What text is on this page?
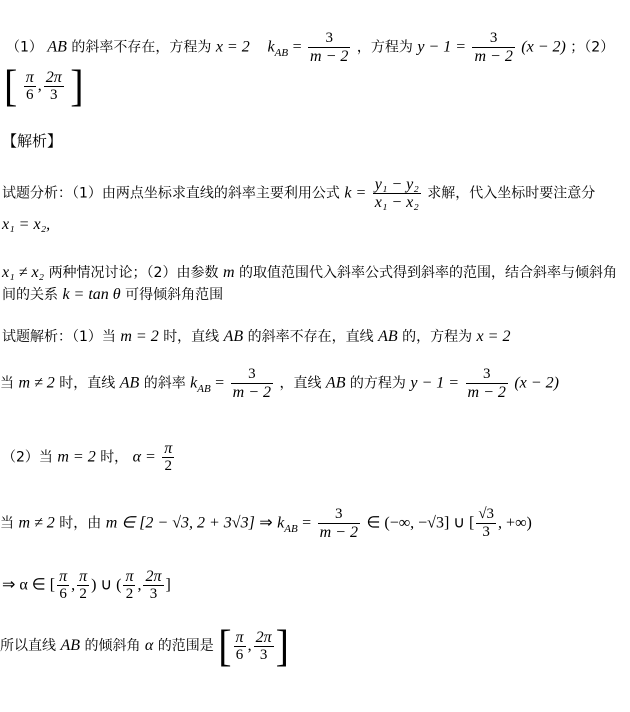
（1） AB 的斜率不存在，方程为 x = 2 $k_{AB} = \frac{3}{m - 2}$ ，方程为 $y - 1 = \frac{3}{m - 2} (x - 2)$ ；（2）
[ $\frac{\pi}{6}$ , $\frac{2\pi}{3}$ ]
【解析】
试题分析：（1）由两点坐标求直线的斜率主要利用公式 $k = \frac{\text{y₁ − y₂}}{\text{x₁ − x₂}}$ 求解，代入坐标时要注意分
x₁ = x₂,
x₁ ≠ x₂ 两种情况讨论；（2）由参数 m 的取值范围代入斜率公式得到斜率的范围，结合斜率与倾斜角
间的关系 k = tan θ 可得倾斜角范围
试题解析：（1）当 m = 2 时，直线 AB 的斜率不存在，直线 AB 的，方程为 x = 2
当 m ≠ 2 时，直线 AB 的斜率 $k_{AB} = \frac{3}{m - 2}$ ，直线 AB 的方程为 $y - 1 = \frac{3}{m - 2} (x - 2)$
（2）当 m = 2 时， $\alpha = \frac{\pi}{2}$
当 m ≠ 2 时，由 m ∈ [2 − √3, 2 + 3√3] ⇒ $k_{AB} = \frac{3}{m - 2}$ ∈ (−∞, −√3] ∪ [ $\frac{√3}{3}$ , +∞)
⇒ α ∈ [ $\frac{\pi}{6}$ , $\frac{\pi}{2}$ ) ∪ ( $\frac{\pi}{2}$ , $\frac{2\pi}{3}$ ]
所以直线 AB 的倾斜角 α 的范围是 [ $\frac{\pi}{6}$ , $\frac{2\pi}{3}$ ]
